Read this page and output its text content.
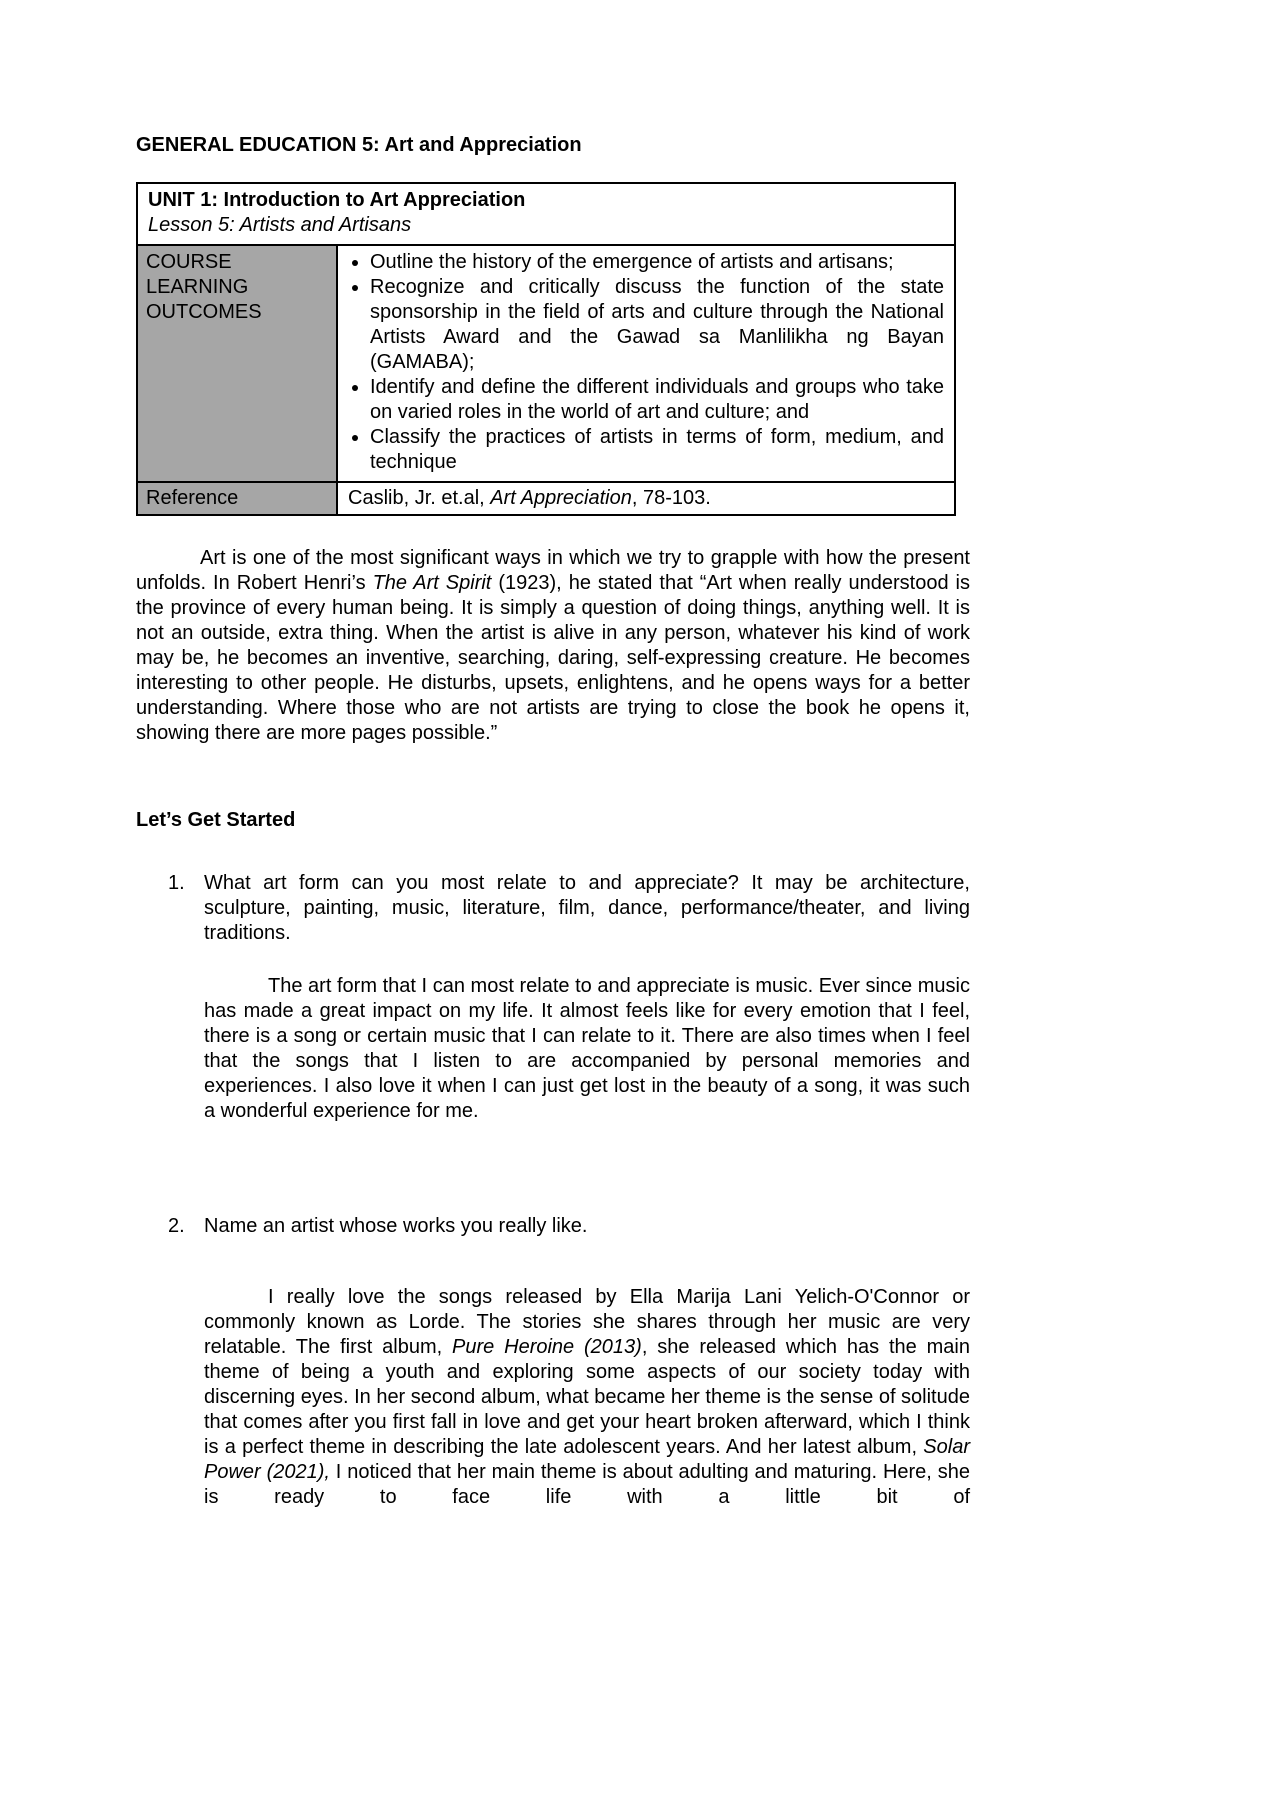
GENERAL EDUCATION 5: Art and Appreciation
UNIT 1: Introduction to Art Appreciation
Lesson 5: Artists and Artisans	

COURSE LEARNING OUTCOMES

• Outline the history of the emergence of artists and artisans;
• Recognize and critically discuss the function of the state sponsorship in the field of arts and culture through the National Artists Award and the Gawad sa Manlilikha ng Bayan (GAMABA);
• Identify and define the different individuals and groups who take on varied roles in the world of art and culture; and
• Classify the practices of artists in terms of form, medium, and technique

Reference	Caslib, Jr. et.al, Art Appreciation, 78-103.

Art is one of the most significant ways in which we try to grapple with how the present unfolds. In Robert Henri’s The Art Spirit (1923), he stated that “Art when really understood is the province of every human being. It is simply a question of doing things, anything well. It is not an outside, extra thing. When the artist is alive in any person, whatever his kind of work may be, he becomes an inventive, searching, daring, self-expressing creature. He becomes interesting to other people. He disturbs, upsets, enlightens, and he opens ways for a better understanding. Where those who are not artists are trying to close the book he opens it, showing there are more pages possible.”

Let’s Get Started
1. What art form can you most relate to and appreciate? It may be architecture, sculpture, painting, music, literature, film, dance, performance/theater, and living traditions.

The art form that I can most relate to and appreciate is music. Ever since music has made a great impact on my life. It almost feels like for every emotion that I feel, there is a song or certain music that I can relate to it. There are also times when I feel that the songs that I listen to are accompanied by personal memories and experiences. I also love it when I can just get lost in the beauty of a song, it was such a wonderful experience for me.

2. Name an artist whose works you really like.

I really love the songs released by Ella Marija Lani Yelich-O'Connor or commonly known as Lorde. The stories she shares through her music are very relatable. The first album, Pure Heroine (2013), she released which has the main theme of being a youth and exploring some aspects of our society today with discerning eyes. In her second album, what became her theme is the sense of solitude that comes after you first fall in love and get your heart broken afterward, which I think is a perfect theme in describing the late adolescent years. And her latest album, Solar Power (2021), I noticed that her main theme is about adulting and maturing. Here, she is ready to face life with a little bit of
